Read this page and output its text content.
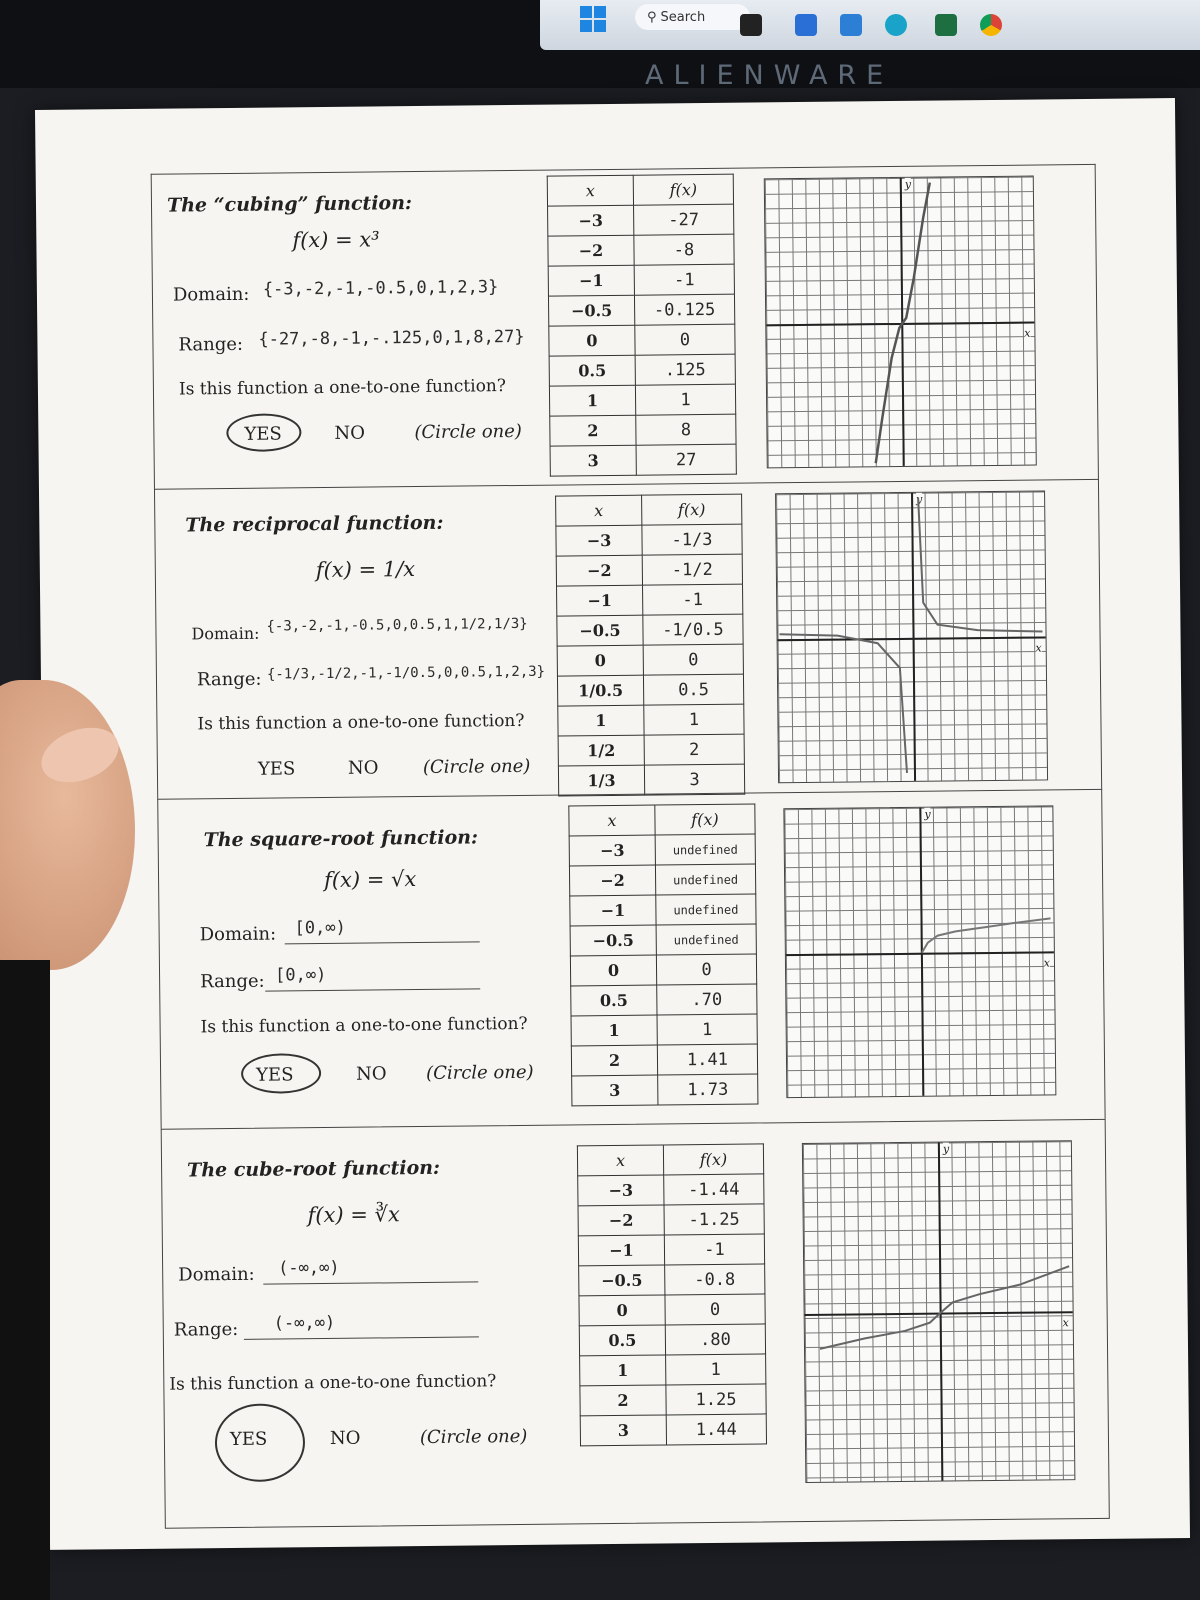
⚲ Search
ALIENWARE
The “cubing” function:
f(x) = x³
Domain: {-3,-2,-1,-0.5,0,1,2,3}
Range: {-27,-8,-1,-.125,0,1,8,27}
Is this function a one-to-one function?
YES	NO	(Circle one)
x	f(x)
−3	-27
−2	-8
−1	-1
−0.5	-0.125
0	0
0.5	.125
1	1
2	8
3	27
y
x
The reciprocal function:
f(x) = 1/x
Domain: {-3,-2,-1,-0.5,0,0.5,1,1/2,1/3}
Range: {-1/3,-1/2,-1,-1/0.5,0,0.5,1,2,3}
Is this function a one-to-one function?
YES	NO (Circle one)
x	f(x)
−3	-1/3
−2	-1/2
−1	-1
−0.5	-1/0.5
0	0
1/0.5	0.5
1	1
1/2	2
1/3	3
y
x
The square-root function:
f(x) = √x
Domain: [0,∞)
Range: [0,∞)
Is this function a one-to-one function?
YES	NO (Circle one)
x	f(x)
−3	undefined
−2	undefined
−1	undefined
−0.5	undefined
0	0
0.5	.70
1	1
2	1.41
3	1.73
y
x
The cube-root function:
f(x) = ∛x
Domain: (-∞,∞)
Range: (-∞,∞)
Is this function a one-to-one function?
YES	NO	(Circle one)
x	f(x)
−3	-1.44
−2	-1.25
−1	-1
−0.5	-0.8
0	0
0.5	.80
1	1
2	1.25
3	1.44
y
x
